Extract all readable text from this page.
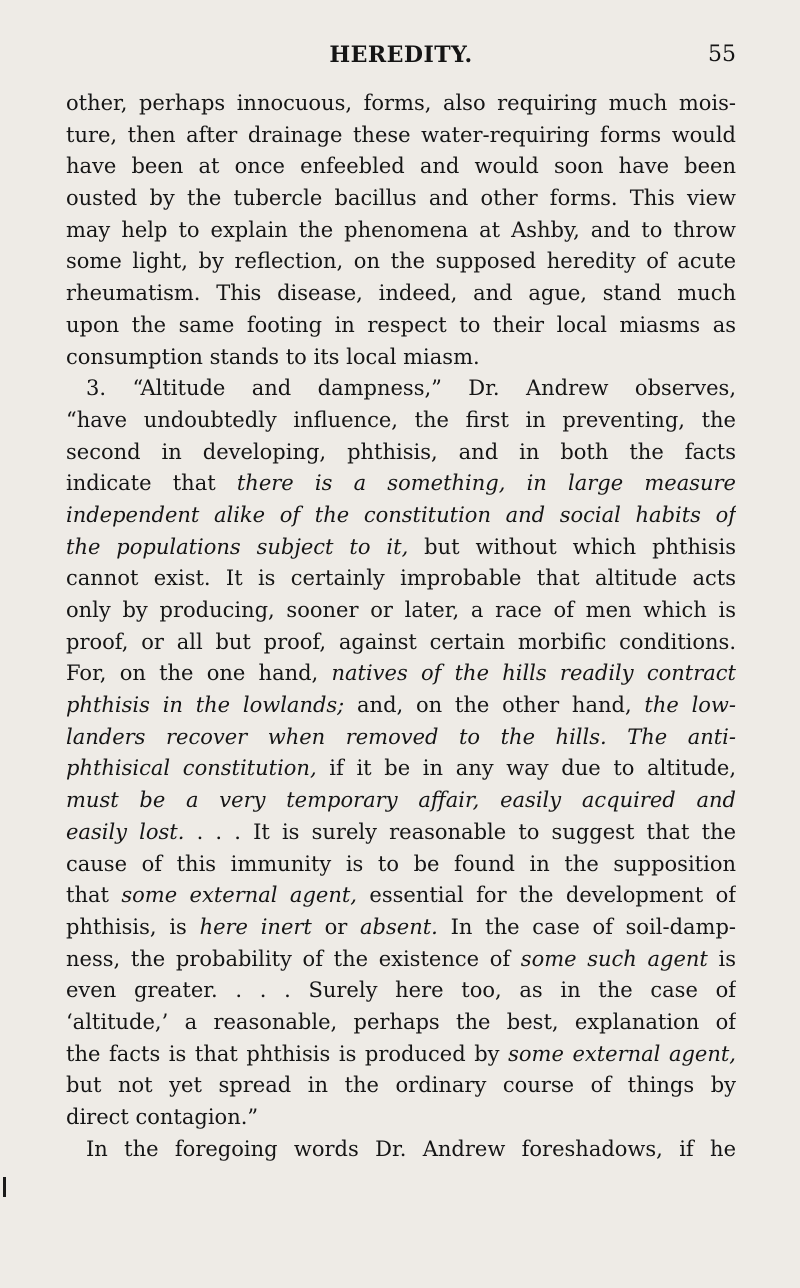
HEREDITY.	55
other, perhaps innocuous, forms, also requiring much mois-
ture, then after drainage these water-requiring forms would
have been at once enfeebled and would soon have been
ousted by the tubercle bacillus and other forms. This view
may help to explain the phenomena at Ashby, and to throw
some light, by reflection, on the supposed heredity of acute
rheumatism. This disease, indeed, and ague, stand much
upon the same footing in respect to their local miasms as
consumption stands to its local miasm.
3. “Altitude and dampness,” Dr. Andrew observes,
“have undoubtedly influence, the first in preventing, the
second in developing, phthisis, and in both the facts
indicate that there is a something, in large measure
independent alike of the constitution and social habits of
the populations subject to it, but without which phthisis
cannot exist. It is certainly improbable that altitude acts
only by producing, sooner or later, a race of men which is
proof, or all but proof, against certain morbific conditions.
For, on the one hand, natives of the hills readily contract
phthisis in the lowlands; and, on the other hand, the low-
landers recover when removed to the hills. The anti-
phthisical constitution, if it be in any way due to altitude,
must be a very temporary affair, easily acquired and
easily lost. . . . It is surely reasonable to suggest that the
cause of this immunity is to be found in the supposition
that some external agent, essential for the development of
phthisis, is here inert or absent. In the case of soil-damp-
ness, the probability of the existence of some such agent is
even greater. . . . Surely here too, as in the case of
‘altitude,’ a reasonable, perhaps the best, explanation of
the facts is that phthisis is produced by some external agent,
but not yet spread in the ordinary course of things by
direct contagion.”
In the foregoing words Dr. Andrew foreshadows, if he
